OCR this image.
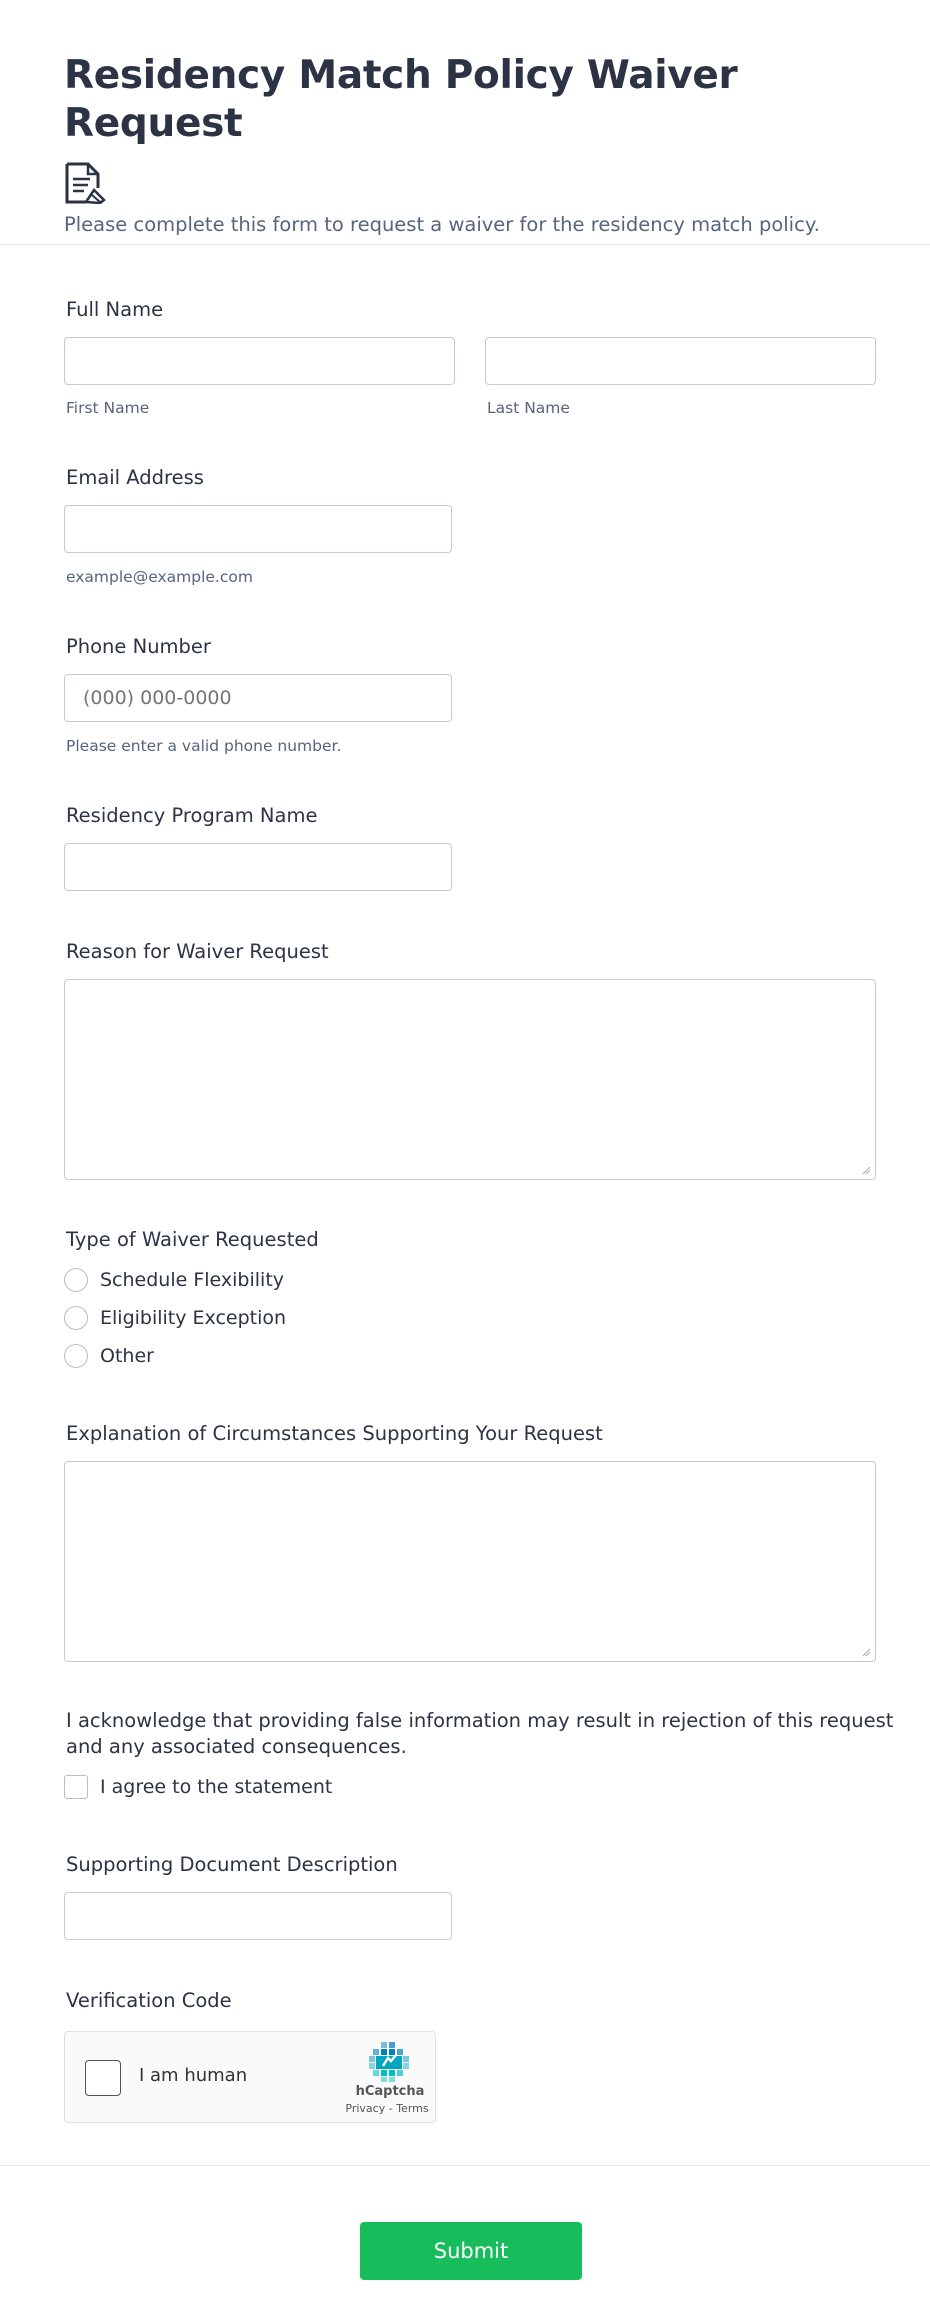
Residency Match Policy Waiver Request
Please complete this form to request a waiver for the residency match policy.
Full Name
First Name	Last Name
Email Address
example@example.com
Phone Number
(000) 000-0000
Please enter a valid phone number.
Residency Program Name
Reason for Waiver Request
Type of Waiver Requested
Schedule Flexibility
Eligibility Exception
Other
Explanation of Circumstances Supporting Your Request
I acknowledge that providing false information may result in rejection of this request and any associated consequences.
I agree to the statement
Supporting Document Description
Verification Code
I am human
hCaptcha
Privacy - Terms
Submit
